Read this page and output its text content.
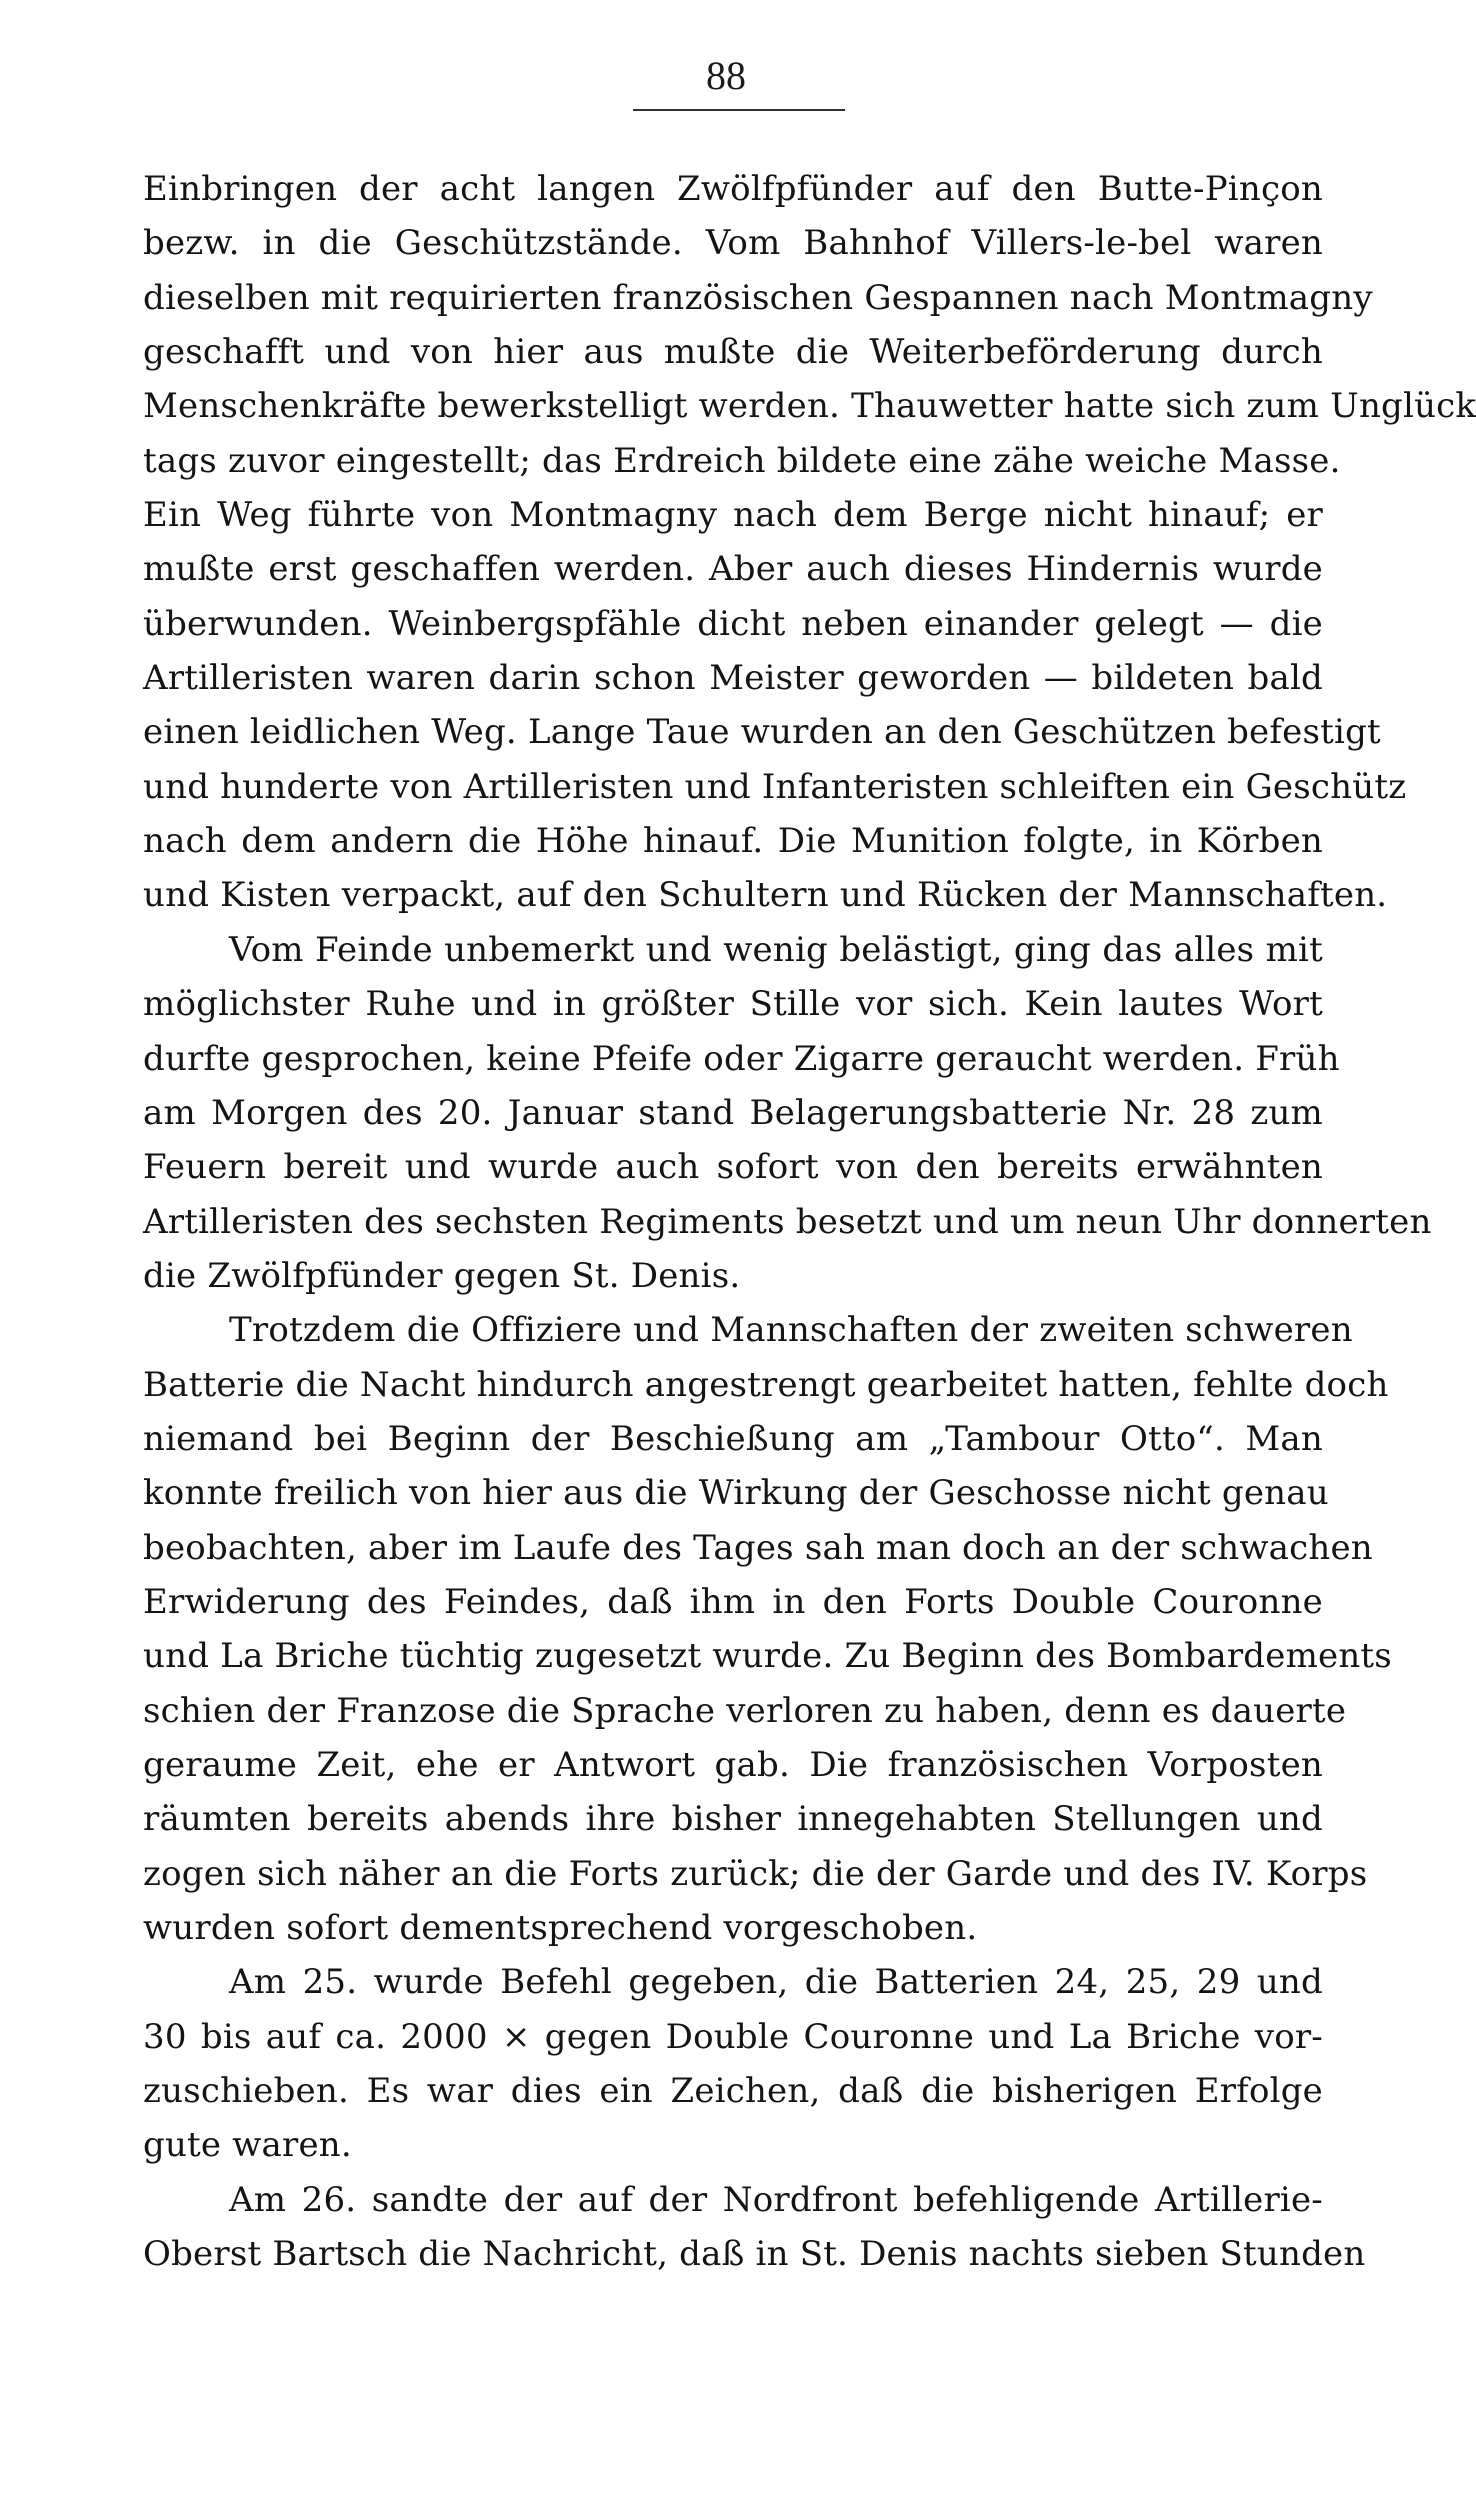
88
Einbringen der acht langen Zwölfpfünder auf den Butte-Pinçon
bezw. in die Geschützstände. Vom Bahnhof Villers-le-bel waren
dieselben mit requirierten französischen Gespannen nach Montmagny
geschafft und von hier aus mußte die Weiterbeförderung durch
Menschenkräfte bewerkstelligt werden. Thauwetter hatte sich zum Unglück
tags zuvor eingestellt; das Erdreich bildete eine zähe weiche Masse.
Ein Weg führte von Montmagny nach dem Berge nicht hinauf; er
mußte erst geschaffen werden. Aber auch dieses Hindernis wurde
überwunden. Weinbergspfähle dicht neben einander gelegt — die
Artilleristen waren darin schon Meister geworden — bildeten bald
einen leidlichen Weg. Lange Taue wurden an den Geschützen befestigt
und hunderte von Artilleristen und Infanteristen schleiften ein Geschütz
nach dem andern die Höhe hinauf. Die Munition folgte, in Körben
und Kisten verpackt, auf den Schultern und Rücken der Mannschaften.
Vom Feinde unbemerkt und wenig belästigt, ging das alles mit
möglichster Ruhe und in größter Stille vor sich. Kein lautes Wort
durfte gesprochen, keine Pfeife oder Zigarre geraucht werden. Früh
am Morgen des 20. Januar stand Belagerungsbatterie Nr. 28 zum
Feuern bereit und wurde auch sofort von den bereits erwähnten
Artilleristen des sechsten Regiments besetzt und um neun Uhr donnerten
die Zwölfpfünder gegen St. Denis.
Trotzdem die Offiziere und Mannschaften der zweiten schweren
Batterie die Nacht hindurch angestrengt gearbeitet hatten, fehlte doch
niemand bei Beginn der Beschießung am „Tambour Otto“. Man
konnte freilich von hier aus die Wirkung der Geschosse nicht genau
beobachten, aber im Laufe des Tages sah man doch an der schwachen
Erwiderung des Feindes, daß ihm in den Forts Double Couronne
und La Briche tüchtig zugesetzt wurde. Zu Beginn des Bombardements
schien der Franzose die Sprache verloren zu haben, denn es dauerte
geraume Zeit, ehe er Antwort gab. Die französischen Vorposten
räumten bereits abends ihre bisher innegehabten Stellungen und
zogen sich näher an die Forts zurück; die der Garde und des IV. Korps
wurden sofort dementsprechend vorgeschoben.
Am 25. wurde Befehl gegeben, die Batterien 24, 25, 29 und
30 bis auf ca. 2000 × gegen Double Couronne und La Briche vor-
zuschieben. Es war dies ein Zeichen, daß die bisherigen Erfolge
gute waren.
Am 26. sandte der auf der Nordfront befehligende Artillerie-
Oberst Bartsch die Nachricht, daß in St. Denis nachts sieben Stunden
